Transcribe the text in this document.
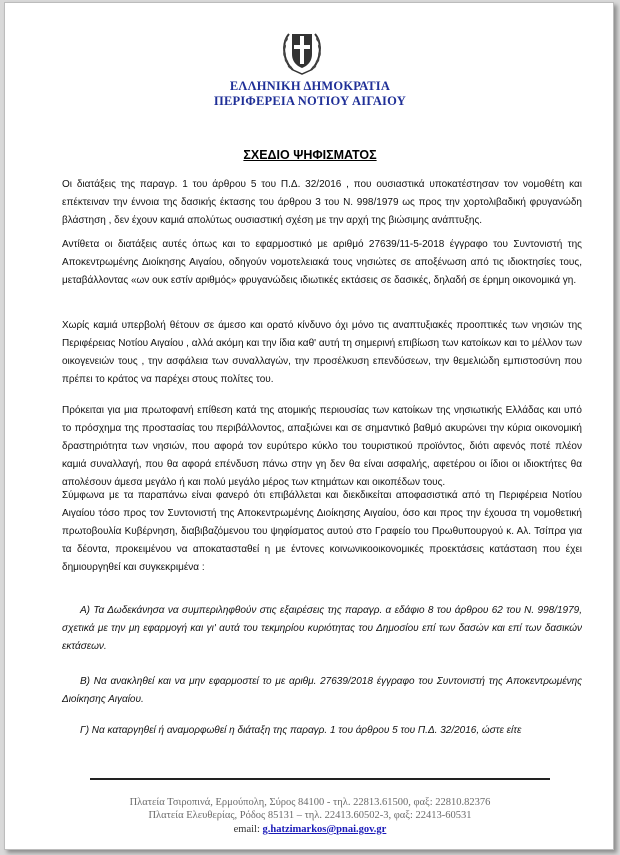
ΕΛΛΗΝΙΚΗ ΔΗΜΟΚΡΑΤΙΑ
ΠΕΡΙΦΕΡΕΙΑ ΝΟΤΙΟΥ ΑΙΓΑΙΟΥ
ΣΧΕΔΙΟ ΨΗΦΙΣΜΑΤΟΣ

Οι διατάξεις της παραγρ. 1 του άρθρου 5 του Π.Δ. 32/2016 , που ουσιαστικά υποκατέστησαν τον νομοθέτη και επέκτειναν την έννοια της δασικής έκτασης του άρθρου 3 του Ν. 998/1979 ως προς την χορτολιβαδική φρυγανώδη βλάστηση , δεν έχουν καμιά απολύτως ουσιαστική σχέση με την αρχή της βιώσιμης ανάπτυξης.

Αντίθετα οι διατάξεις αυτές όπως και το εφαρμοστικό με αριθμό 27639/11-5-2018 έγγραφο του Συντονιστή της Αποκεντρωμένης Διοίκησης Αιγαίου, οδηγούν νομοτελειακά τους νησιώτες σε αποξένωση από τις ιδιοκτησίες τους, μεταβάλλοντας «ων ουκ εστίν αριθμός» φρυγανώδεις ιδιωτικές εκτάσεις σε δασικές, δηλαδή σε έρημη οικονομικά γη.

Χωρίς καμιά υπερβολή θέτουν σε άμεσο και ορατό κίνδυνο όχι μόνο τις αναπτυξιακές προοπτικές των νησιών της Περιφέρειας Νοτίου Αιγαίου , αλλά ακόμη και την ίδια καθ' αυτή τη σημερινή επιβίωση των κατοίκων και το μέλλον των οικογενειών τους , την ασφάλεια των συναλλαγών, την προσέλκυση επενδύσεων, την θεμελιώδη εμπιστοσύνη που πρέπει το κράτος να παρέχει στους πολίτες του.

Πρόκειται για μια πρωτοφανή επίθεση κατά της ατομικής περιουσίας των κατοίκων της νησιωτικής Ελλάδας και υπό το πρόσχημα της προστασίας του περιβάλλοντος, απαξιώνει και σε σημαντικό βαθμό ακυρώνει την κύρια οικονομική δραστηριότητα των νησιών, που αφορά τον ευρύτερο κύκλο του τουριστικού προϊόντος, διότι αφενός ποτέ πλέον καμιά συναλλαγή, που θα αφορά επένδυση πάνω στην γη δεν θα είναι ασφαλής, αφετέρου οι ίδιοι οι ιδιοκτήτες θα απολέσουν άμεσα μεγάλο ή και πολύ μεγάλο μέρος των κτημάτων και οικοπέδων τους.

Σύμφωνα με τα παραπάνω είναι φανερό ότι επιβάλλεται και διεκδικείται αποφασιστικά από τη Περιφέρεια Νοτίου Αιγαίου τόσο προς τον Συντονιστή της Αποκεντρωμένης Διοίκησης Αιγαίου, όσο και προς την έχουσα τη νομοθετική πρωτοβουλία Κυβέρνηση, διαβιβαζόμενου του ψηφίσματος αυτού στο Γραφείο του Πρωθυπουργού κ. Αλ. Τσίπρα για τα δέοντα, προκειμένου να αποκατασταθεί η με έντονες κοινωνικοοικονομικές προεκτάσεις κατάσταση που έχει δημιουργηθεί και συγκεκριμένα :

Α) Τα Δωδεκάνησα να συμπεριληφθούν στις εξαιρέσεις της παραγρ. α εδάφιο 8 του άρθρου 62 του Ν. 998/1979, σχετικά με την μη εφαρμογή και γι' αυτά του τεκμηρίου κυριότητας του Δημοσίου επί των δασών και επί των δασικών εκτάσεων.

Β) Να ανακληθεί και να μην εφαρμοστεί το με αριθμ. 27639/2018 έγγραφο του Συντονιστή της Αποκεντρωμένης Διοίκησης Αιγαίου.

Γ) Να καταργηθεί ή αναμορφωθεί η διάταξη της παραγρ. 1 του άρθρου 5 του Π.Δ. 32/2016, ώστε είτε

Πλατεία Τσιροπινά, Ερμούπολη, Σύρος 84100 - τηλ. 22813.61500, φαξ: 22810.82376
Πλατεία Ελευθερίας, Ρόδος 85131 – τηλ. 22413.60502-3, φαξ: 22413-60531
email: g.hatzimarkos@pnai.gov.gr
